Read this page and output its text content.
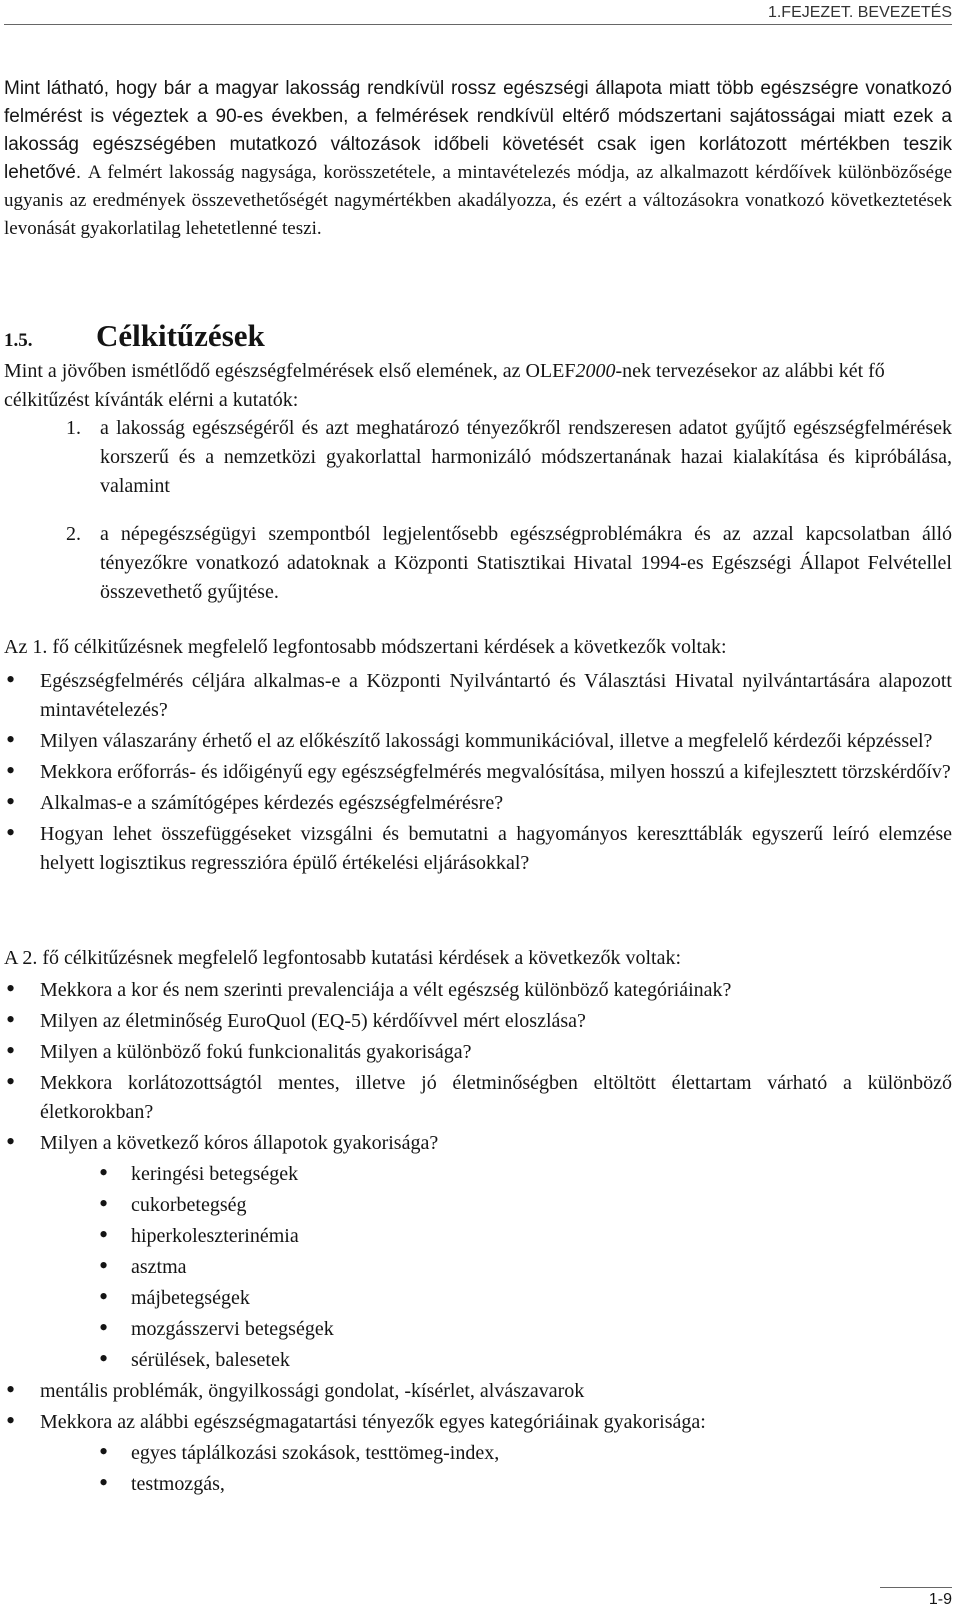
1.FEJEZET. BEVEZETÉS

Mint látható, hogy bár a magyar lakosság rendkívül rossz egészségi állapota miatt több egészségre vonatkozó felmérést is végeztek a 90-es években, a felmérések rendkívül eltérő módszertani sajátosságai miatt ezek a lakosság egészségében mutatkozó változások időbeli követését csak igen korlátozott mértékben teszik lehetővé. A felmért lakosság nagysága, korösszetétele, a mintavételezés módja, az alkalmazott kérdőívek különbözősége ugyanis az eredmények összevethetőségét nagymértékben akadályozza, és ezért a változásokra vonatkozó következtetések levonását gyakorlatilag lehetetlenné teszi.

1.5. Célkitűzések

Mint a jövőben ismétlődő egészségfelmérések első elemének, az OLEF2000-nek tervezésekor az alábbi két fő célkitűzést kívánták elérni a kutatók:

1. a lakosság egészségéről és azt meghatározó tényezőkről rendszeresen adatot gyűjtő egészségfelmérések korszerű és a nemzetközi gyakorlattal harmonizáló módszertanának hazai kialakítása és kipróbálása, valamint
2. a népegészségügyi szempontból legjelentősebb egészségproblémákra és az azzal kapcsolatban álló tényezőkre vonatkozó adatoknak a Központi Statisztikai Hivatal 1994-es Egészségi Állapot Felvétellel összevethető gyűjtése.

Az 1. fő célkitűzésnek megfelelő legfontosabb módszertani kérdések a következők voltak:

• Egészségfelmérés céljára alkalmas-e a Központi Nyilvántartó és Választási Hivatal nyilvántartására alapozott mintavételezés?
• Milyen válaszarány érhető el az előkészítő lakossági kommunikációval, illetve a megfelelő kérdezői képzéssel?
• Mekkora erőforrás- és időigényű egy egészségfelmérés megvalósítása, milyen hosszú a kifejlesztett törzskérdőív?
• Alkalmas-e a számítógépes kérdezés egészségfelmérésre?
• Hogyan lehet összefüggéseket vizsgálni és bemutatni a hagyományos kereszttáblák egyszerű leíró elemzése helyett logisztikus regresszióra épülő értékelési eljárásokkal?

A 2. fő célkitűzésnek megfelelő legfontosabb kutatási kérdések a következők voltak:

• Mekkora a kor és nem szerinti prevalenciája a vélt egészség különböző kategóriáinak?
• Milyen az életminőség EuroQuol (EQ-5) kérdőívvel mért eloszlása?
• Milyen a különböző fokú funkcionalitás gyakorisága?
• Mekkora korlátozottságtól mentes, illetve jó életminőségben eltöltött élettartam várható a különböző életkorokban?
• Milyen a következő kóros állapotok gyakorisága?
• keringési betegségek
• cukorbetegség
• hiperkoleszterinémia
• asztma
• májbetegségek
• mozgásszervi betegségek
• sérülések, balesetek
• mentális problémák, öngyilkossági gondolat, -kísérlet, alvászavarok
• Mekkora az alábbi egészségmagatartási tényezők egyes kategóriáinak gyakorisága:
• egyes táplálkozási szokások, testtömeg-index,
• testmozgás,
1-9
